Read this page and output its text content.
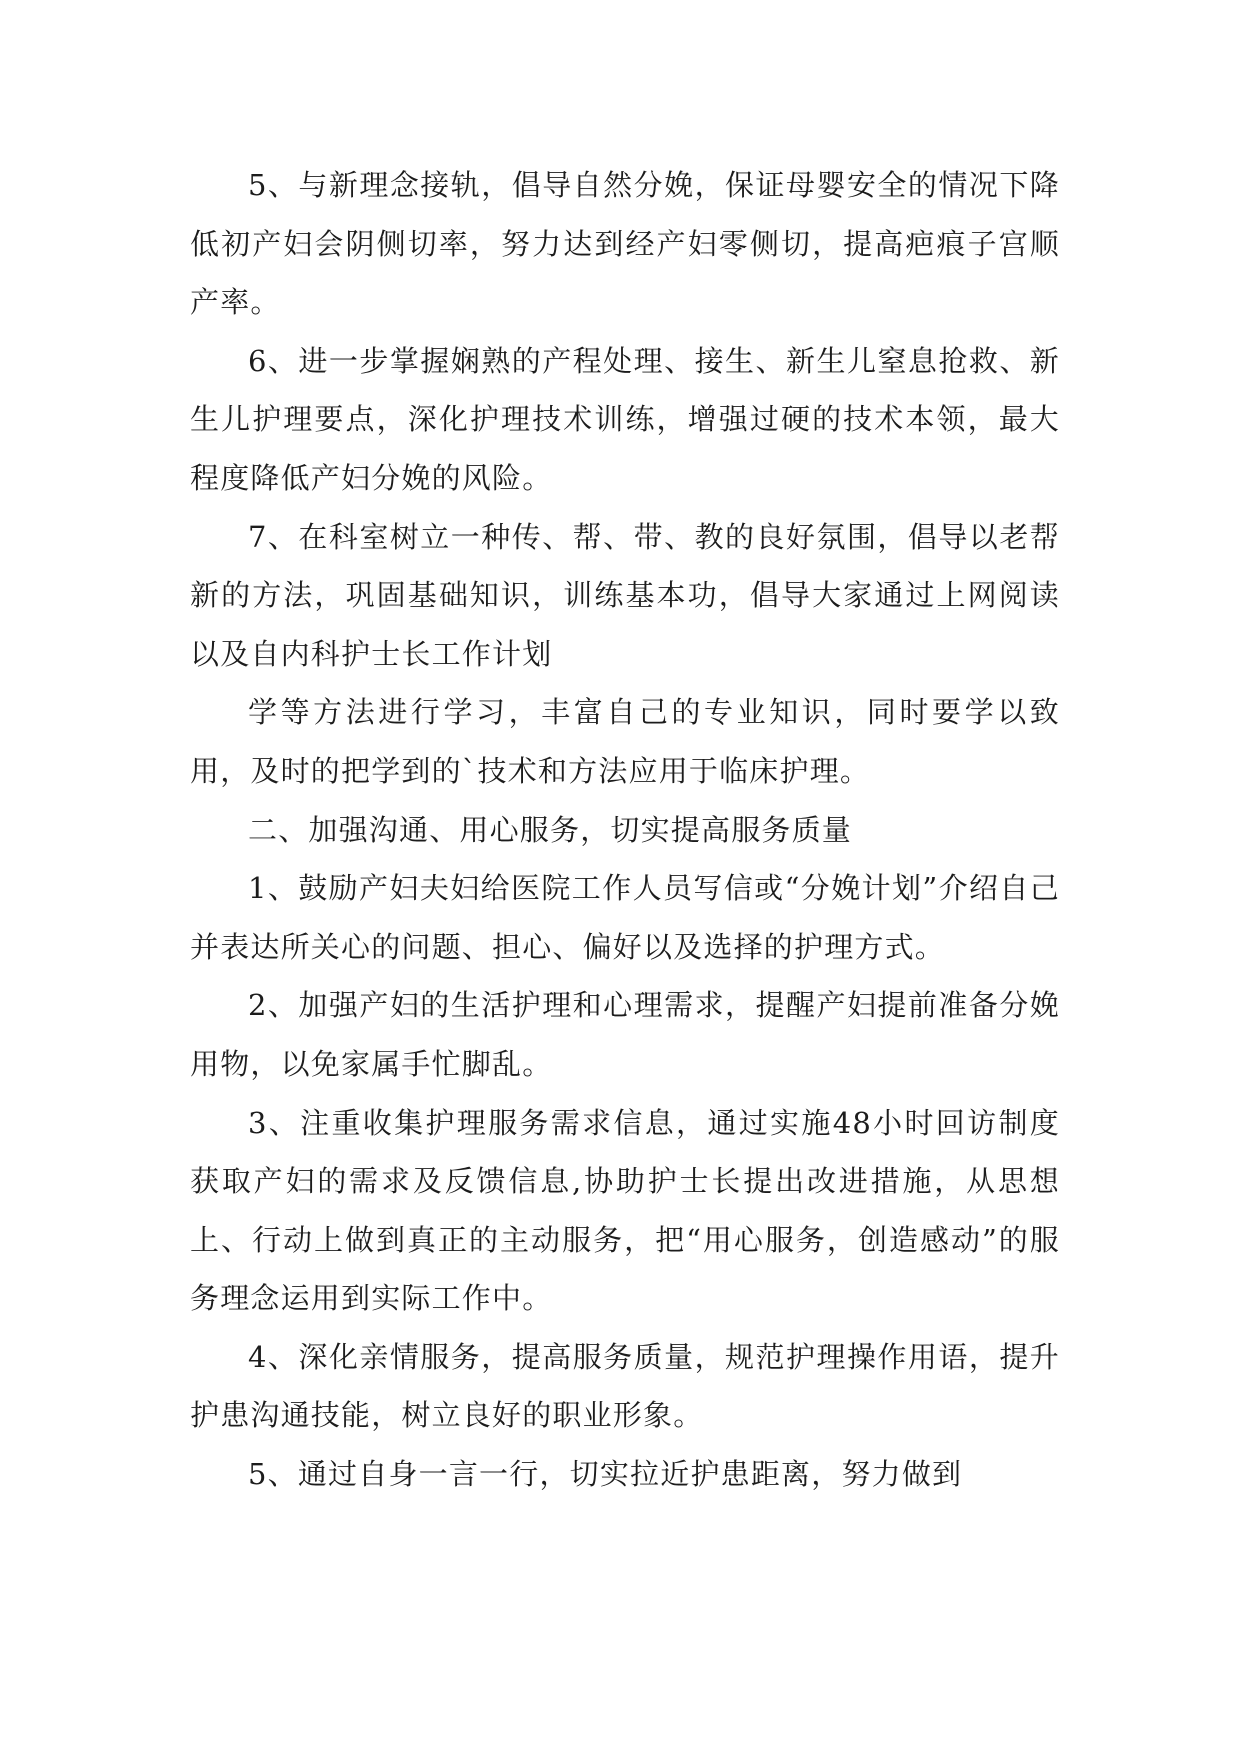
5、与新理念接轨，倡导自然分娩，保证母婴安全的情况下降低初产妇会阴侧切率，努力达到经产妇零侧切，提高疤痕子宫顺产率。

6、进一步掌握娴熟的产程处理、接生、新生儿窒息抢救、新生儿护理要点，深化护理技术训练，增强过硬的技术本领，最大程度降低产妇分娩的风险。

7、在科室树立一种传、帮、带、教的良好氛围，倡导以老帮新的方法，巩固基础知识，训练基本功，倡导大家通过上网阅读以及自内科护士长工作计划

学等方法进行学习，丰富自己的专业知识，同时要学以致用，及时的把学到的`技术和方法应用于临床护理。

二、加强沟通、用心服务，切实提高服务质量

1、鼓励产妇夫妇给医院工作人员写信或“分娩计划”介绍自己并表达所关心的问题、担心、偏好以及选择的护理方式。

2、加强产妇的生活护理和心理需求，提醒产妇提前准备分娩用物，以免家属手忙脚乱。

3、注重收集护理服务需求信息，通过实施48小时回访制度获取产妇的需求及反馈信息,协助护士长提出改进措施，从思想上、行动上做到真正的主动服务，把“用心服务，创造感动”的服务理念运用到实际工作中。

4、深化亲情服务，提高服务质量，规范护理操作用语，提升护患沟通技能，树立良好的职业形象。

5、通过自身一言一行，切实拉近护患距离，努力做到
